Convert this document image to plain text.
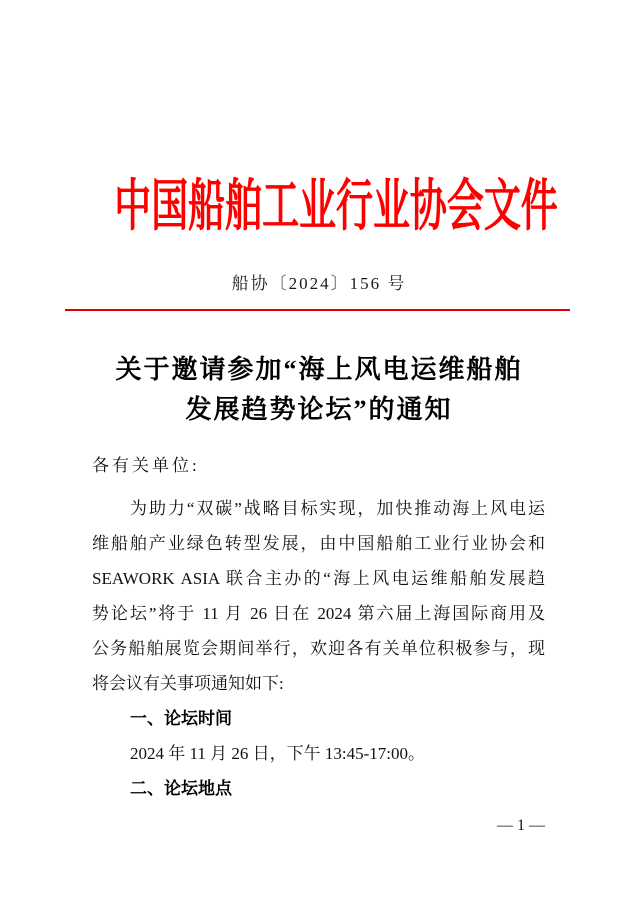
中国船舶工业行业协会文件
船协〔2024〕156 号
关于邀请参加“海上风电运维船舶
发展趋势论坛”的通知
各有关单位:
为助力“双碳”战略目标实现，加快推动海上风电运
维船舶产业绿色转型发展，由中国船舶工业行业协会和
SEAWORK ASIA 联合主办的“海上风电运维船舶发展趋
势论坛”将于 11 月 26 日在 2024 第六届上海国际商用及
公务船舶展览会期间举行，欢迎各有关单位积极参与，现
将会议有关事项通知如下:
一、论坛时间
2024 年 11 月 26 日，下午 13:45-17:00。
二、论坛地点
— 1 —
